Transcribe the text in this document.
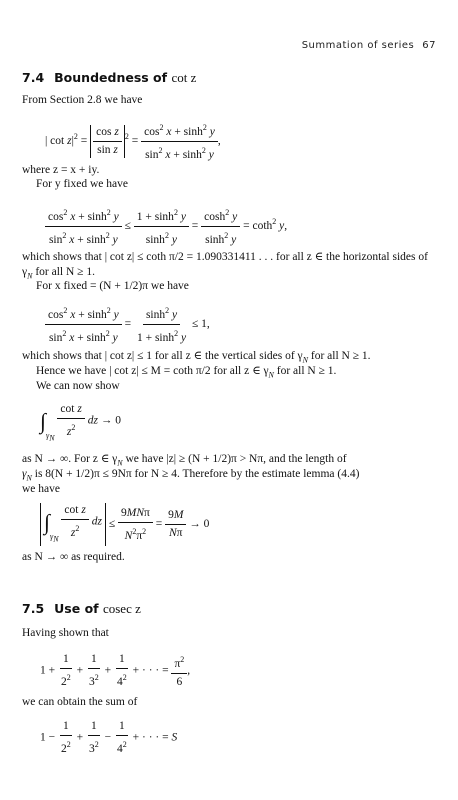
Summation of series 67
7.4 Boundedness of cot z
From Section 2.8 we have
| $\cot z|^2 = \frac{\text{cos z}}{\text{sin z}} ^2 = \frac{\cos^2 x + \sinh^2 y}{\sin^2 x + \sinh^2 y}$ ,
where z = x + iy.
For y fixed we have
$\frac{\cos^2 x + \sinh^2 y}{\sin^2 x + \sinh^2 y} \le \frac{1 + \sinh^2 y}{\sinh^2 y} = \frac{\cosh^2 y}{\sinh^2 y} = \cot h^2$ y,
which shows that | cot z| ≤ coth π/2 = 1.090331411 . . . for all z ∈ the horizontal sides of $\gamma_N$ for all N ≥ 1.
For x fixed = (N + 1/2)π we have
$\frac{\cos^2 x + \sinh^2 y}{\sin^2 x + \sinh^2 y} = \frac{\sinh^2 y}{1 + \sinh^2 y} \le 1$,
which shows that | cot z| ≤ 1 for all z ∈ the vertical sides of $\gamma_N$ for all N ≥ 1.
Hence we have | cot z| ≤ M = coth π/2 for all z ∈ $\gamma_N$ for all N ≥ 1.
We can now show
$\int_{\gamma_N} \frac{\text{cot z}}{z^2}$ dz → 0
as N → ∞. For z ∈ $\gamma_N$ we have |z| ≥ (N + 1/2)π > Nπ, and the length of
$\gamma_N$ is 8(N + 1/2)π ≤ 9Nπ for N ≥ 4. Therefore by the estimate lemma (4.4)
we have
$\int_{\gamma_N} \frac{\text{cot z}}{z^2}$ dz ≤ $\frac{\text{9MNπ}}{N^2\pi^2} = \frac{9M}{N\pi} \to 0$
as N → ∞ as required.
7.5 Use of cosec z
Having shown that
$1 + \frac{1}{2^2} + \frac{1}{3^2} + \frac{1}{4^2}$ + · · · = $\frac{\pi^2}{6}$ ,
we can obtain the sum of
$1 - \frac{1}{2^2} + \frac{1}{3^2} - \frac{1}{4^2}$ + · · · = S
